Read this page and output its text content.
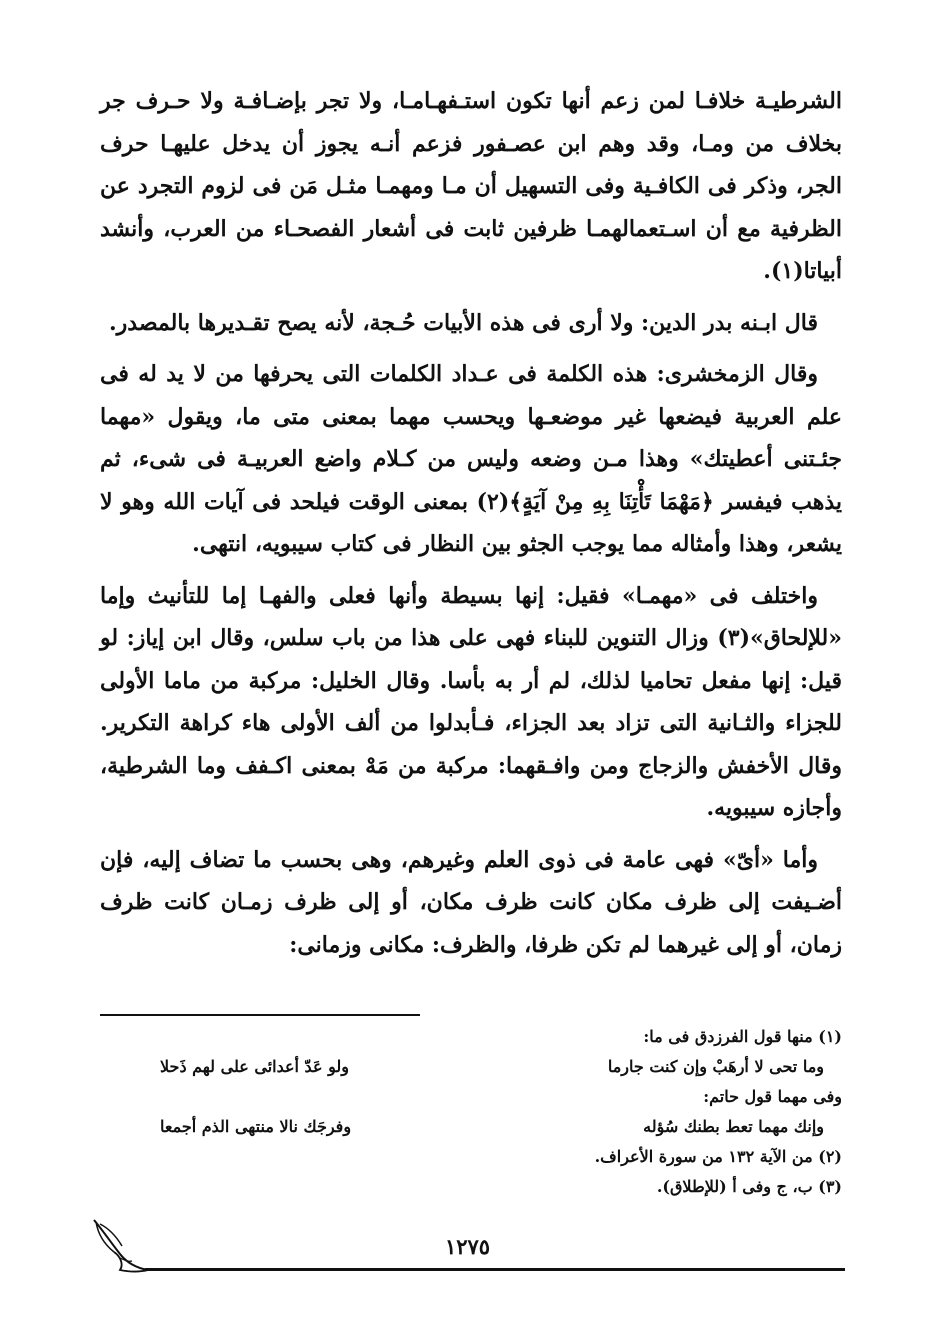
الشرطيـة خلافـا لمن زعم أنها تكون استـفهـامـا، ولا تجر بإضـافـة ولا حـرف جر بخلاف من ومـا، وقد وهم ابن عصـفور فزعم أنـه يجوز أن يدخل عليهـا حرف الجر، وذكر فى الكافـية وفى التسهيل أن مـا ومهمـا مثـل مَن فى لزوم التجرد عن الظرفية مع أن اسـتعمالهمـا ظرفين ثابت فى أشعار الفصحـاء من العرب، وأنشد أبياتا(١).

قال ابـنه بدر الدين: ولا أرى فى هذه الأبيات حُـجة، لأنه يصح تقـديرها بالمصدر.

وقال الزمخشرى: هذه الكلمة فى عـداد الكلمات التى يحرفها من لا يد له فى علم العربية فيضعها غير موضعـها ويحسب مهما بمعنى متى ما، ويقول «مهما جئـتنى أعطيتك» وهذا مـن وضعه وليس من كـلام واضع العربيـة فى شىء، ثم يذهب فيفسر ﴿مَهْمَا تَأْتِنَا بِهِ مِنْ آيَةٍ﴾(٢) بمعنى الوقت فيلحد فى آيات الله وهو لا يشعر، وهذا وأمثاله مما يوجب الجثو بين النظار فى كتاب سيبويه، انتهى.

واختلف فى «مهمـا» فقيل: إنها بسيطة وأنها فعلى والفهـا إما للتأنيث وإما «للإلحاق»(٣) وزال التنوين للبناء فهى على هذا من باب سلس، وقال ابن إياز: لو قيل: إنها مفعل تحاميا لذلك، لم أر به بأسا. وقال الخليل: مركبة من ماما الأولى للجزاء والثـانية التى تزاد بعد الجزاء، فـأبدلوا من ألف الأولى هاء كراهة التكرير. وقال الأخفش والزجاج ومن وافـقهما: مركبة من مَهْ بمعنى اكـفف وما الشرطية، وأجازه سيبويه.

وأما «أىّ» فهى عامة فى ذوى العلم وغيرهم، وهى بحسب ما تضاف إليه، فإن أضـيفت إلى ظرف مكان كانت ظرف مكان، أو إلى ظرف زمـان كانت ظرف زمان، أو إلى غيرهما لم تكن ظرفا، والظرف: مكانى وزمانى:

(١) منها قول الفرزدق فى ما:
وما تحى لا أرهَبْ وإن كنت جارما
ولو عَدّ أعدائى على لهم ذَحلا
وفى مهما قول حاتم:
وإنك مهما تعط بطنك سُؤله
وفرجَك نالا منتهى الذم أجمعا
(٢) من الآية ١٣٢ من سورة الأعراف.
(٣) ب، ج وفى أ (للإطلاق).
١٢٧٥
